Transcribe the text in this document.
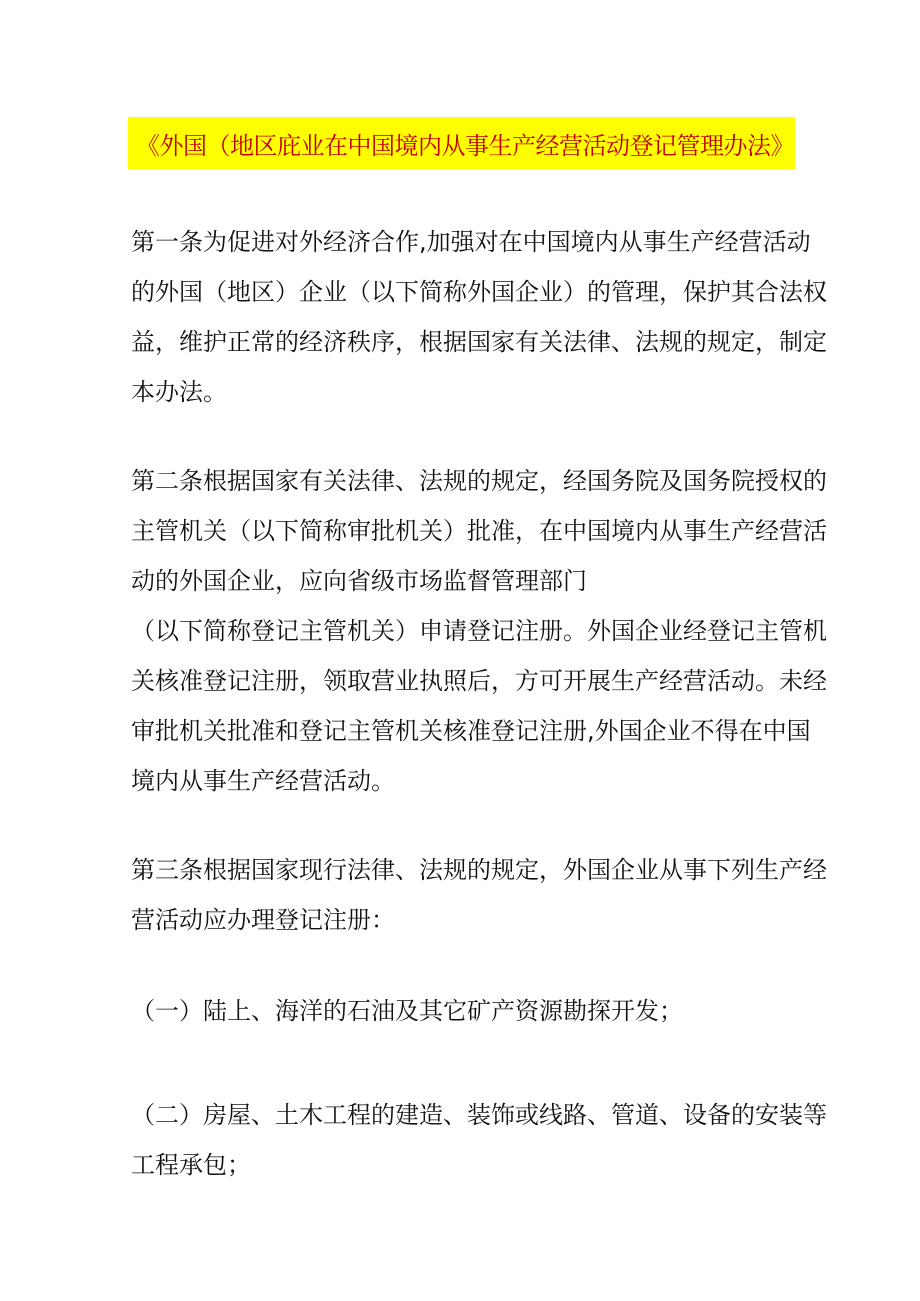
《外国（地区庇业在中国境内从事生产经营活动登记管理办法》
第一条为促进对外经济合作,加强对在中国境内从事生产经营活动
的外国（地区）企业（以下简称外国企业）的管理，保护其合法权
益，维护正常的经济秩序，根据国家有关法律、法规的规定，制定
本办法。
第二条根据国家有关法律、法规的规定，经国务院及国务院授权的
主管机关（以下简称审批机关）批准，在中国境内从事生产经营活
动的外国企业，应向省级市场监督管理部门
（以下简称登记主管机关）申请登记注册。外国企业经登记主管机
关核准登记注册，领取营业执照后，方可开展生产经营活动。未经
审批机关批准和登记主管机关核准登记注册,外国企业不得在中国
境内从事生产经营活动。
第三条根据国家现行法律、法规的规定，外国企业从事下列生产经
营活动应办理登记注册：
（一）陆上、海洋的石油及其它矿产资源勘探开发；
（二）房屋、土木工程的建造、装饰或线路、管道、设备的安装等
工程承包；
